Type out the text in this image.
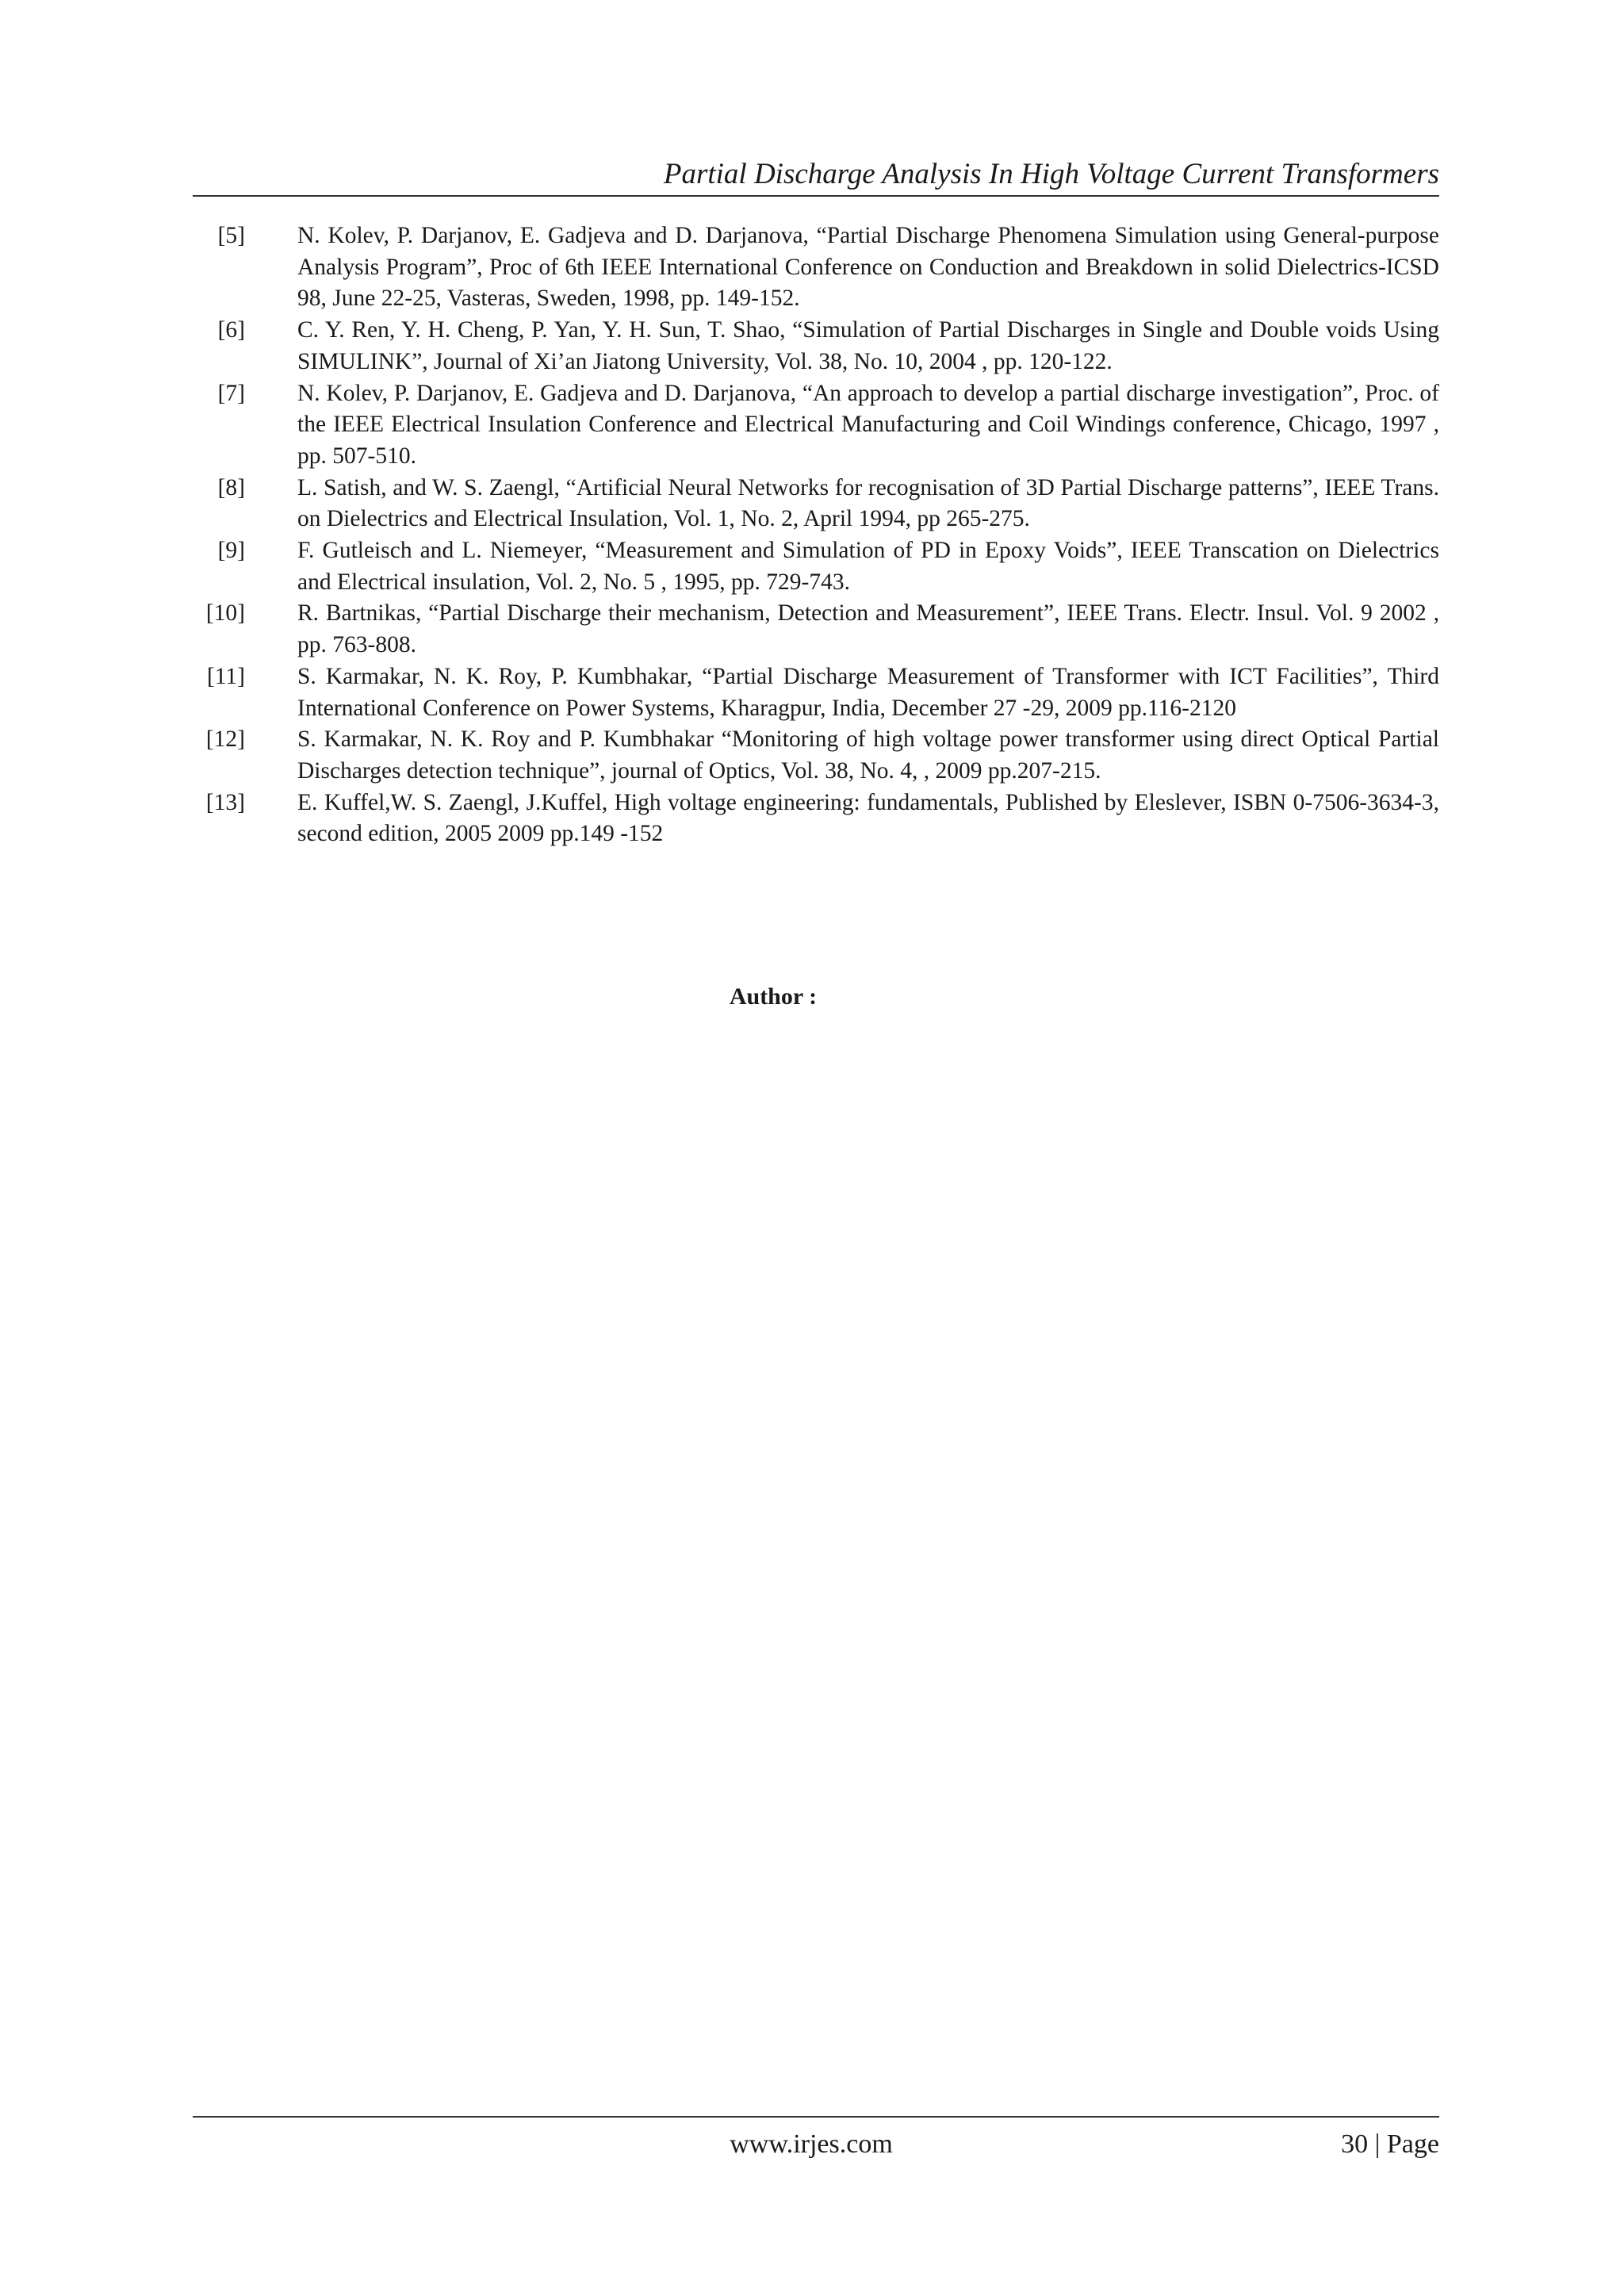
Partial Discharge Analysis In High Voltage Current Transformers
[5] N. Kolev, P. Darjanov, E. Gadjeva and D. Darjanova, “Partial Discharge Phenomena Simulation using General-purpose Analysis Program”, Proc of 6th IEEE International Conference on Conduction and Breakdown in solid Dielectrics-ICSD 98, June 22-25, Vasteras, Sweden, 1998, pp. 149-152.
[6] C. Y. Ren, Y. H. Cheng, P. Yan, Y. H. Sun, T. Shao, “Simulation of Partial Discharges in Single and Double voids Using SIMULINK”, Journal of Xi’an Jiatong University, Vol. 38, No. 10, 2004 , pp. 120-122.
[7] N. Kolev, P. Darjanov, E. Gadjeva and D. Darjanova, “An approach to develop a partial discharge investigation”, Proc. of the IEEE Electrical Insulation Conference and Electrical Manufacturing and Coil Windings conference, Chicago, 1997 , pp. 507-510.
[8] L. Satish, and W. S. Zaengl, “Artificial Neural Networks for recognisation of 3D Partial Discharge patterns”, IEEE Trans. on Dielectrics and Electrical Insulation, Vol. 1, No. 2, April 1994, pp 265-275.
[9] F. Gutleisch and L. Niemeyer, “Measurement and Simulation of PD in Epoxy Voids”, IEEE Transcation on Dielectrics and Electrical insulation, Vol. 2, No. 5 , 1995, pp. 729-743.
[10] R. Bartnikas, “Partial Discharge their mechanism, Detection and Measurement”, IEEE Trans. Electr. Insul. Vol. 9 2002 , pp. 763-808.
[11] S. Karmakar, N. K. Roy, P. Kumbhakar, “Partial Discharge Measurement of Transformer with ICT Facilities”, Third International Conference on Power Systems, Kharagpur, India, December 27 -29, 2009 pp.116-2120
[12] S. Karmakar, N. K. Roy and P. Kumbhakar “Monitoring of high voltage power transformer using direct Optical Partial Discharges detection technique”, journal of Optics, Vol. 38, No. 4, , 2009 pp.207-215.
[13] E. Kuffel,W. S. Zaengl, J.Kuffel, High voltage engineering: fundamentals, Published by Eleslever, ISBN 0-7506-3634-3, second edition, 2005 2009 pp.149 -152
Author :
www.irjes.com	30 | Page
